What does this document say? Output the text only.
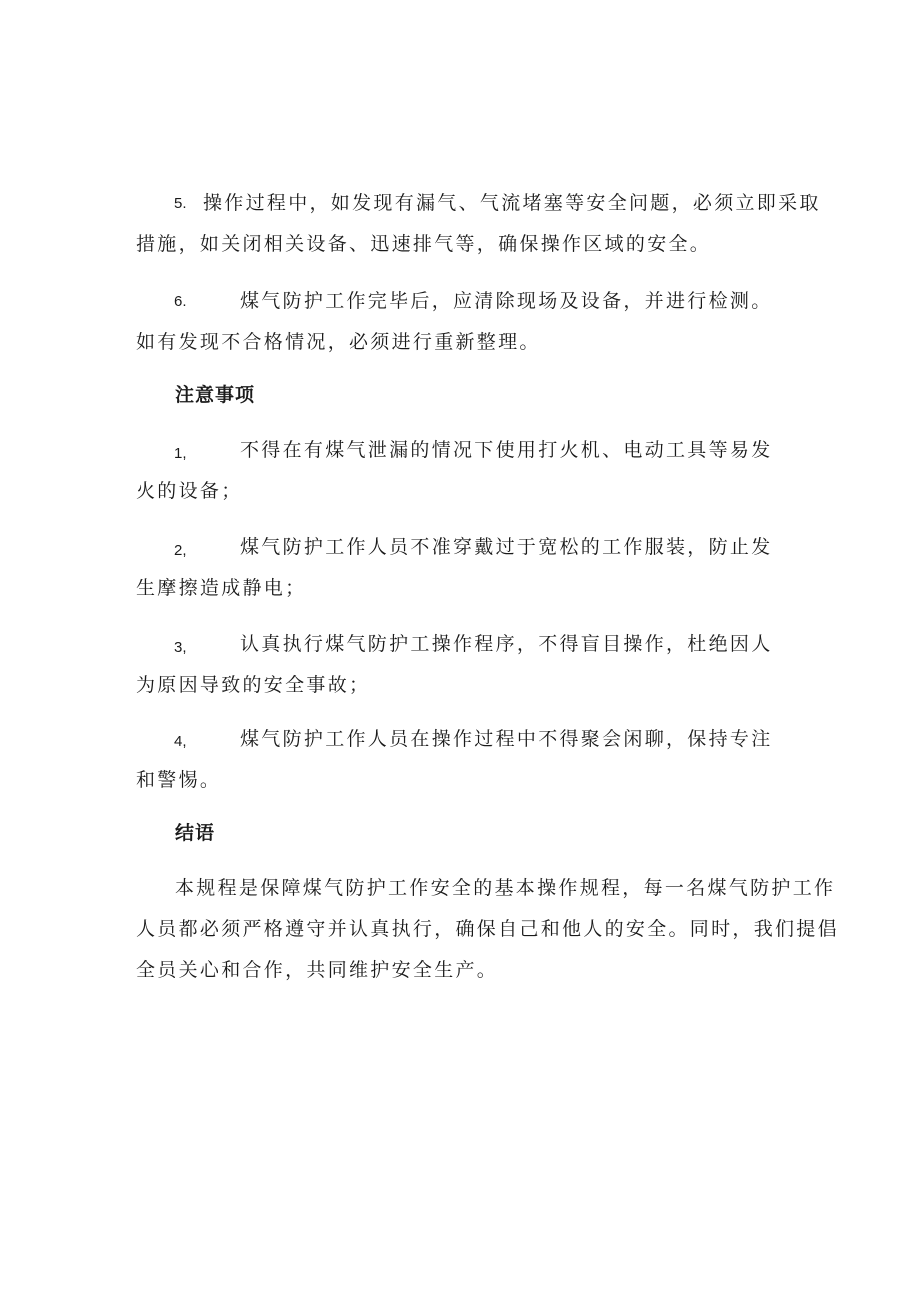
5. 操作过程中，如发现有漏气、气流堵塞等安全问题，必须立即采取
措施，如关闭相关设备、迅速排气等，确保操作区域的安全。
6.	煤气防护工作完毕后，应清除现场及设备，并进行检测。
如有发现不合格情况，必须进行重新整理。
注意事项
1,	不得在有煤气泄漏的情况下使用打火机、电动工具等易发
火的设备；
2,	煤气防护工作人员不准穿戴过于宽松的工作服装，防止发
生摩擦造成静电；
3,	认真执行煤气防护工操作程序，不得盲目操作，杜绝因人
为原因导致的安全事故；
4,	煤气防护工作人员在操作过程中不得聚会闲聊，保持专注
和警惕。
结语
本规程是保障煤气防护工作安全的基本操作规程，每一名煤气防护工作
人员都必须严格遵守并认真执行，确保自己和他人的安全。同时，我们提倡
全员关心和合作，共同维护安全生产。
